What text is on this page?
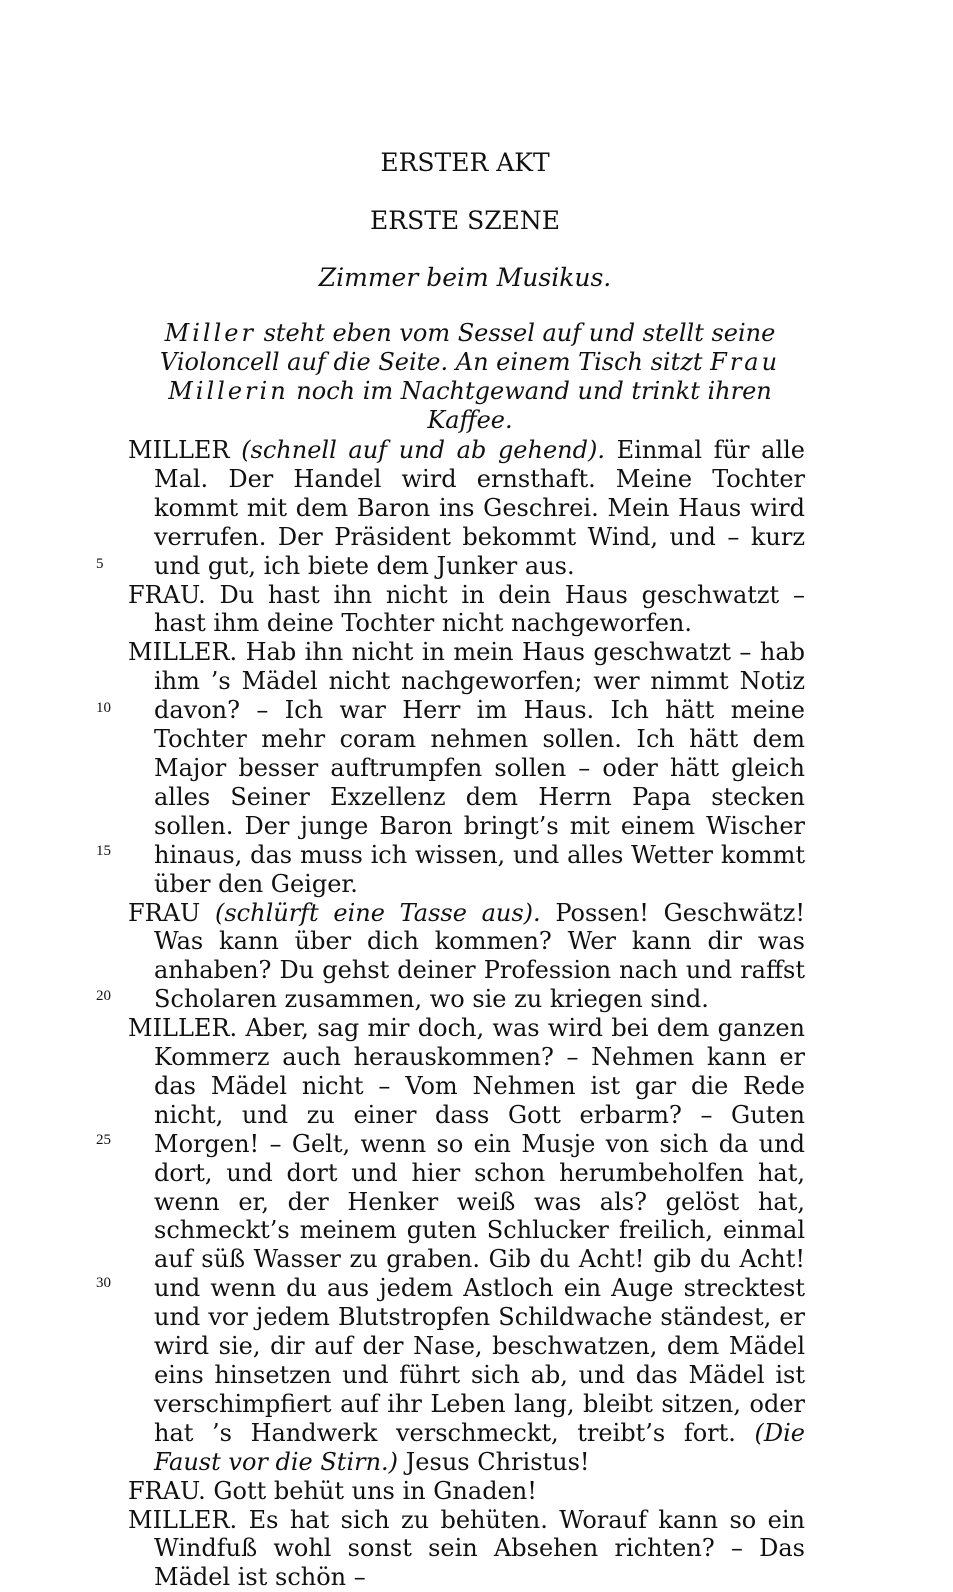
ERSTER AKT
ERSTE SZENE
Zimmer beim Musikus.
Miller steht eben vom Sessel auf und stellt seine Violoncell auf die Seite. An einem Tisch sitzt Frau Millerin noch im Nachtgewand und trinkt ihren Kaffee.

MILLER (schnell auf und ab gehend). Einmal für alle Mal. Der Handel wird ernsthaft. Meine Tochter kommt mit dem Baron ins Geschrei. Mein Haus wird verrufen. Der Präsident bekommt Wind, und – kurz und gut, ich biete dem Junker aus.

FRAU. Du hast ihn nicht in dein Haus geschwatzt – hast ihm deine Tochter nicht nachgeworfen.

MILLER. Hab ihn nicht in mein Haus geschwatzt – hab ihm ’s Mädel nicht nachgeworfen; wer nimmt Notiz davon? – Ich war Herr im Haus. Ich hätt meine Tochter mehr coram nehmen sollen. Ich hätt dem Major besser auftrumpfen sollen – oder hätt gleich alles Seiner Exzellenz dem Herrn Papa stecken sollen. Der junge Baron bringt’s mit einem Wischer hinaus, das muss ich wissen, und alles Wetter kommt über den Geiger.

FRAU (schlürft eine Tasse aus). Possen! Geschwätz! Was kann über dich kommen? Wer kann dir was anhaben? Du gehst deiner Profession nach und raffst Scholaren zusammen, wo sie zu kriegen sind.

MILLER. Aber, sag mir doch, was wird bei dem ganzen Kommerz auch herauskommen? – Nehmen kann er das Mädel nicht – Vom Nehmen ist gar die Rede nicht, und zu einer dass Gott erbarm? – Guten Morgen! – Gelt, wenn so ein Musje von sich da und dort, und dort und hier schon herumbeholfen hat, wenn er, der Henker weiß was als? gelöst hat, schmeckt’s meinem guten Schlucker freilich, einmal auf süß Wasser zu graben. Gib du Acht! gib du Acht! und wenn du aus jedem Astloch ein Auge strecktest und vor jedem Blutstropfen Schildwache ständest, er wird sie, dir auf der Nase, beschwatzen, dem Mädel eins hinsetzen und führt sich ab, und das Mädel ist verschimpfiert auf ihr Leben lang, bleibt sitzen, oder hat ’s Handwerk verschmeckt, treibt’s fort. (Die Faust vor die Stirn.) Jesus Christus!

FRAU. Gott behüt uns in Gnaden!

MILLER. Es hat sich zu behüten. Worauf kann so ein Windfuß wohl sonst sein Absehen richten? – Das Mädel ist schön –

5
10
15
20
25
30
